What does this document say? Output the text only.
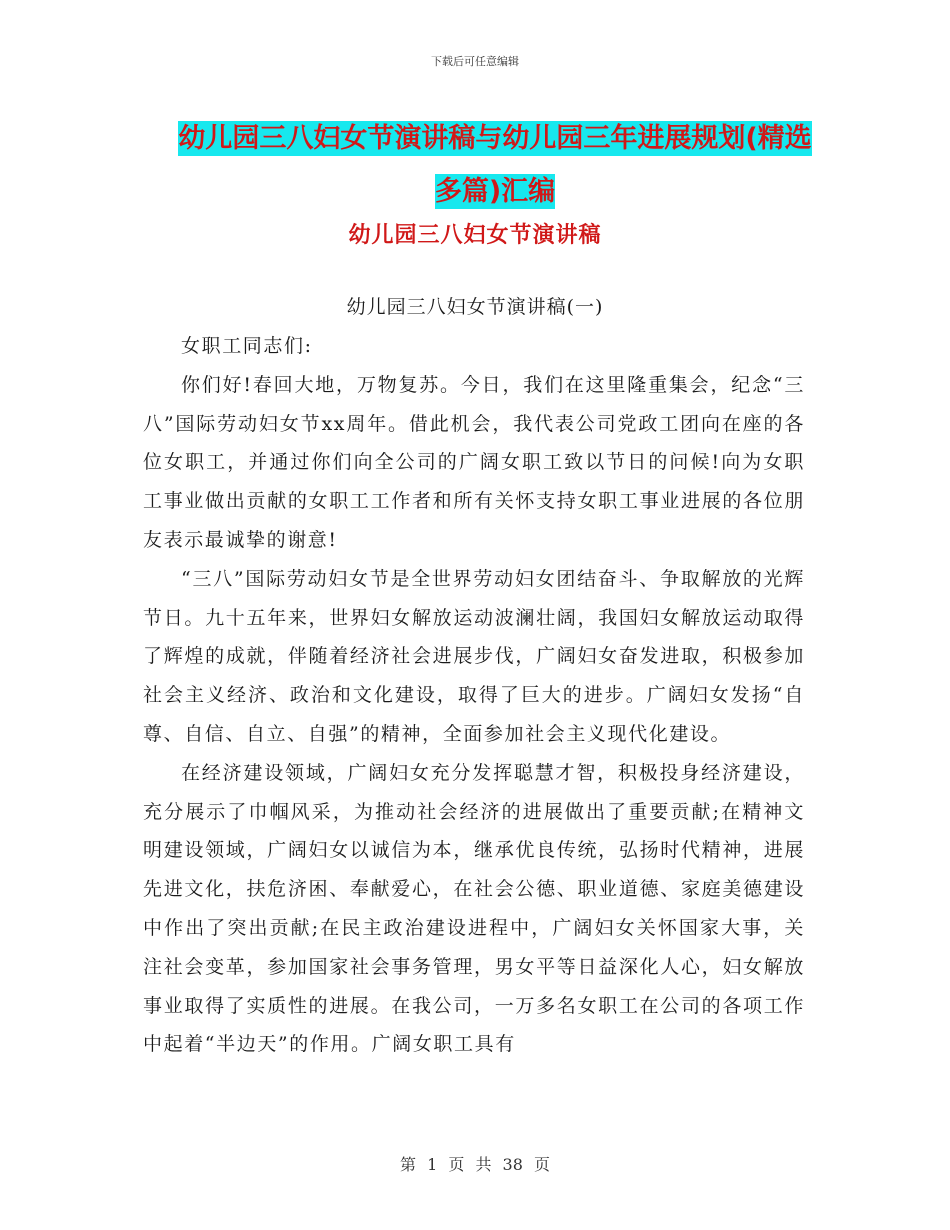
下载后可任意编辑
幼儿园三八妇女节演讲稿与幼儿园三年进展规划(精选多篇)汇编
幼儿园三八妇女节演讲稿
幼儿园三八妇女节演讲稿(一)

女职工同志们:

你们好!春回大地，万物复苏。今日，我们在这里隆重集会，纪念“三八”国际劳动妇女节xx周年。借此机会，我代表公司党政工团向在座的各位女职工，并通过你们向全公司的广阔女职工致以节日的问候!向为女职工事业做出贡献的女职工工作者和所有关怀支持女职工事业进展的各位朋友表示最诚挚的谢意!

“三八”国际劳动妇女节是全世界劳动妇女团结奋斗、争取解放的光辉节日。九十五年来，世界妇女解放运动波澜壮阔，我国妇女解放运动取得了辉煌的成就，伴随着经济社会进展步伐，广阔妇女奋发进取，积极参加社会主义经济、政治和文化建设，取得了巨大的进步。广阔妇女发扬“自尊、自信、自立、自强”的精神，全面参加社会主义现代化建设。

在经济建设领域，广阔妇女充分发挥聪慧才智，积极投身经济建设，充分展示了巾帼风采，为推动社会经济的进展做出了重要贡献;在精神文明建设领域，广阔妇女以诚信为本，继承优良传统，弘扬时代精神，进展先进文化，扶危济困、奉献爱心，在社会公德、职业道德、家庭美德建设中作出了突出贡献;在民主政治建设进程中，广阔妇女关怀国家大事，关注社会变革，参加国家社会事务管理，男女平等日益深化人心，妇女解放事业取得了实质性的进展。在我公司，一万多名女职工在公司的各项工作中起着“半边天”的作用。广阔女职工具有

第 1 页 共 38 页
